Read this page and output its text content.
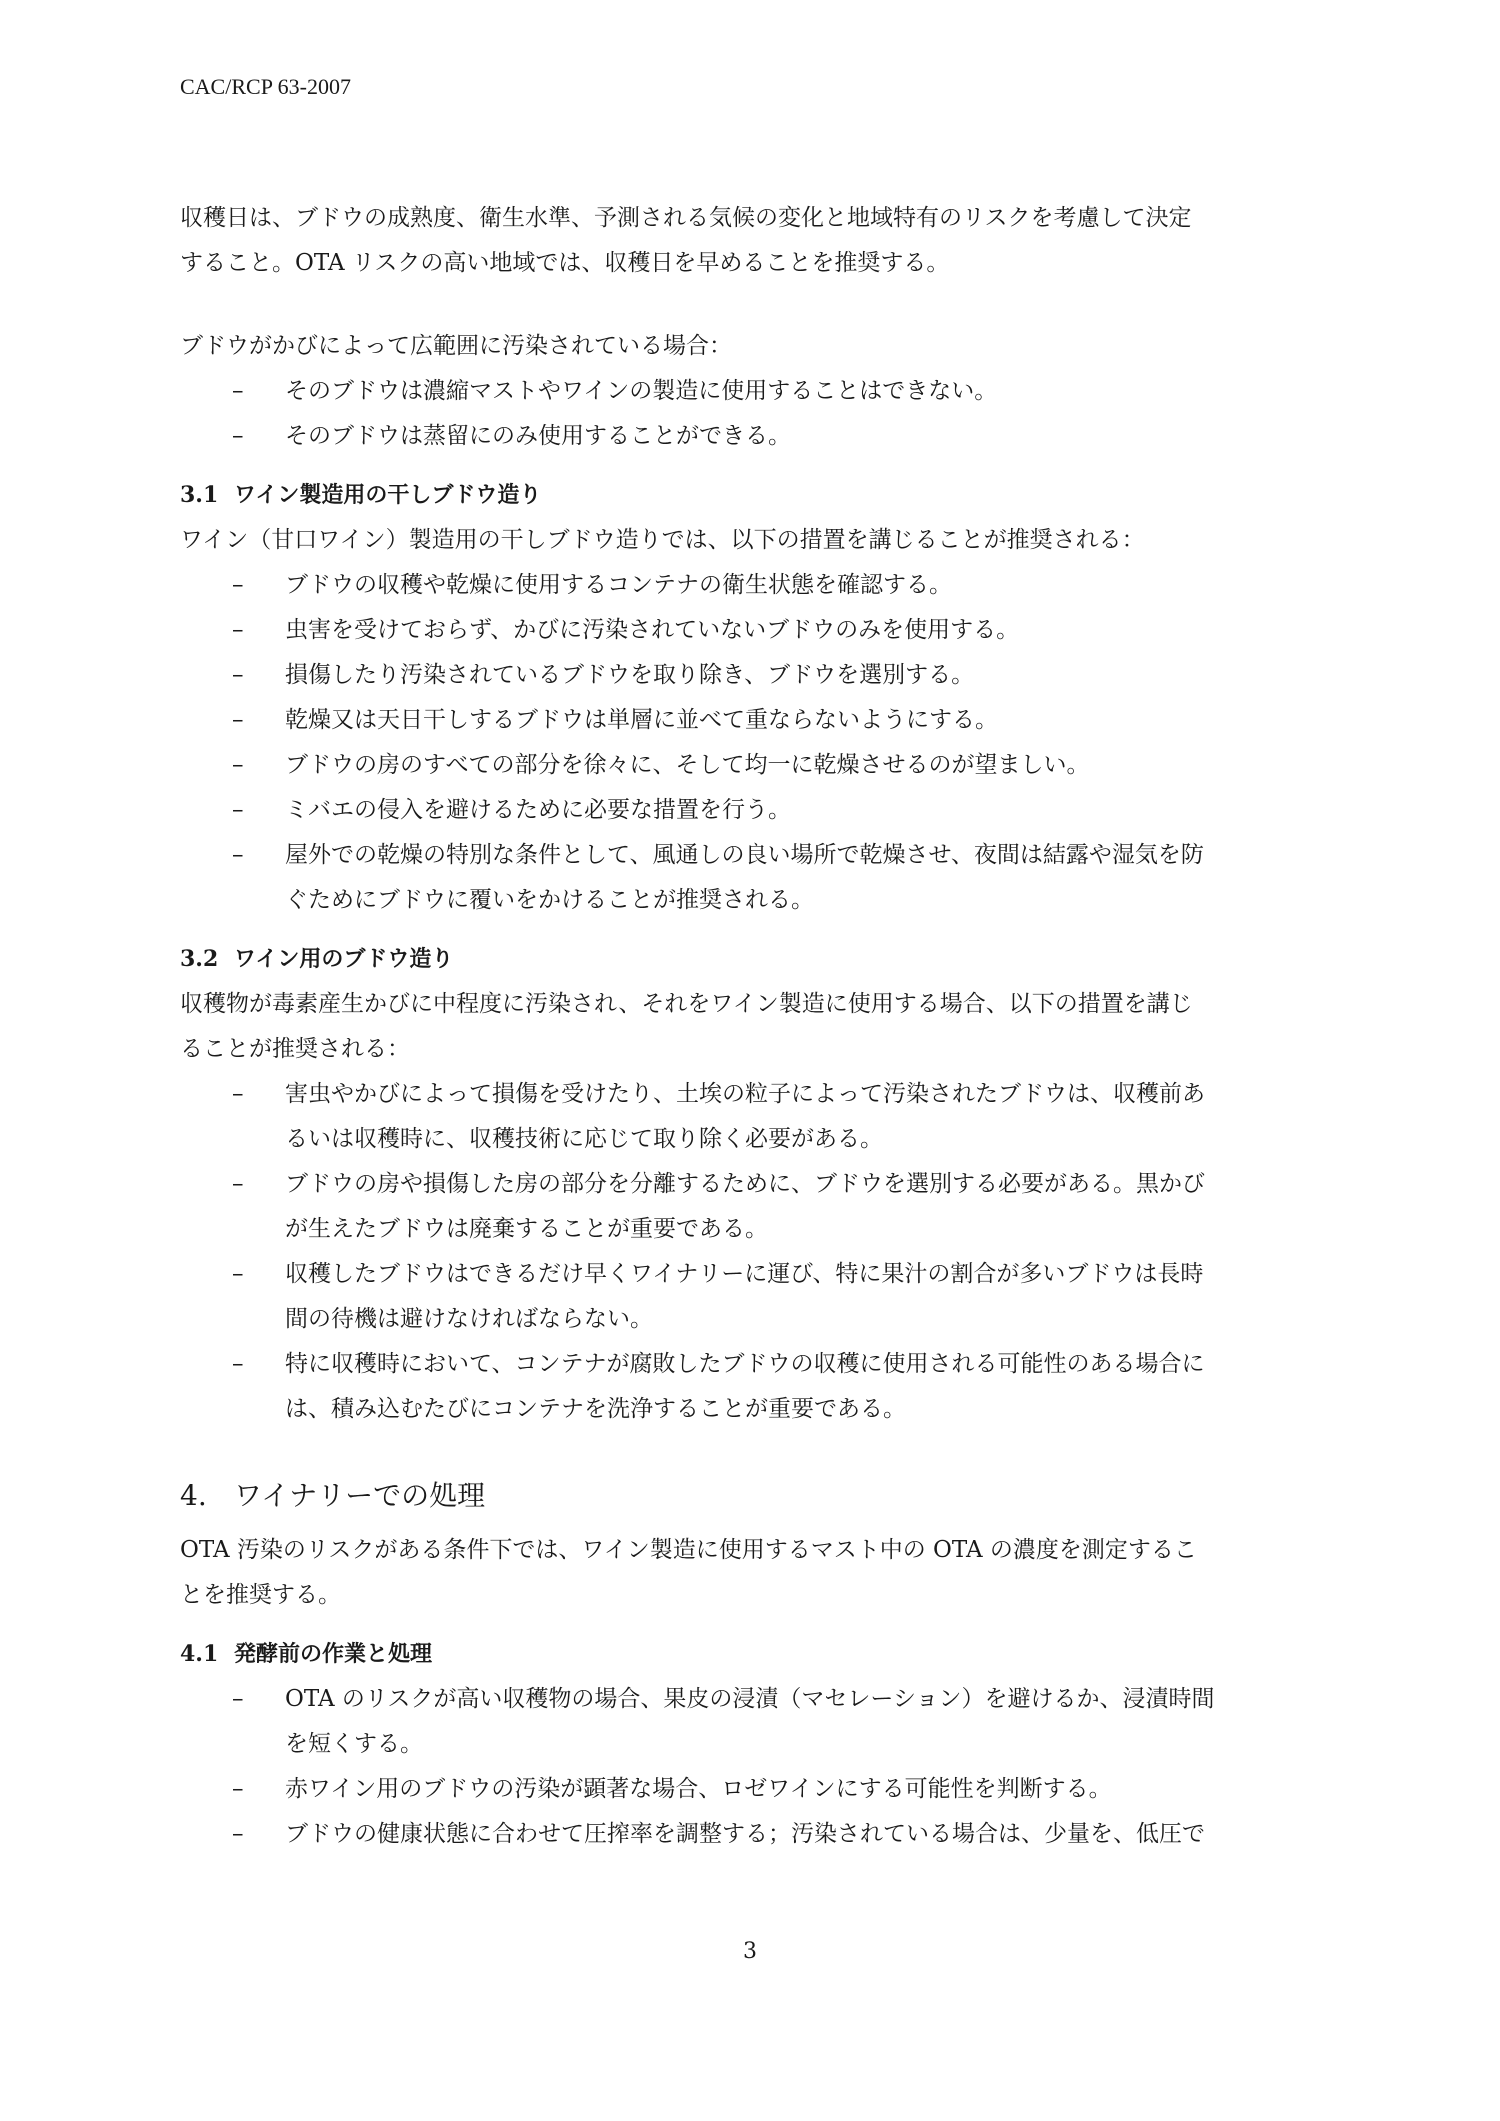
CAC/RCP 63-2007

収穫日は、ブドウの成熟度、衛生水準、予測される気候の変化と地域特有のリスクを考慮して決定
すること。OTA リスクの高い地域では、収穫日を早めることを推奨する。

ブドウがかびによって広範囲に汚染されている場合：

– そのブドウは濃縮マストやワインの製造に使用することはできない。
– そのブドウは蒸留にのみ使用することができる。
3.1 ワイン製造用の干しブドウ造り

ワイン（甘口ワイン）製造用の干しブドウ造りでは、以下の措置を講じることが推奨される：

– ブドウの収穫や乾燥に使用するコンテナの衛生状態を確認する。
– 虫害を受けておらず、かびに汚染されていないブドウのみを使用する。
– 損傷したり汚染されているブドウを取り除き、ブドウを選別する。
– 乾燥又は天日干しするブドウは単層に並べて重ならないようにする。
– ブドウの房のすべての部分を徐々に、そして均一に乾燥させるのが望ましい。
– ミバエの侵入を避けるために必要な措置を行う。
– 屋外での乾燥の特別な条件として、風通しの良い場所で乾燥させ、夜間は結露や湿気を防
ぐためにブドウに覆いをかけることが推奨される。
3.2 ワイン用のブドウ造り

収穫物が毒素産生かびに中程度に汚染され、それをワイン製造に使用する場合、以下の措置を講じ
ることが推奨される：

– 害虫やかびによって損傷を受けたり、土埃の粒子によって汚染されたブドウは、収穫前あ
るいは収穫時に、収穫技術に応じて取り除く必要がある。
– ブドウの房や損傷した房の部分を分離するために、ブドウを選別する必要がある。黒かび
が生えたブドウは廃棄することが重要である。
– 収穫したブドウはできるだけ早くワイナリーに運び、特に果汁の割合が多いブドウは長時
間の待機は避けなければならない。
– 特に収穫時において、コンテナが腐敗したブドウの収穫に使用される可能性のある場合に
は、積み込むたびにコンテナを洗浄することが重要である。
4. ワイナリーでの処理

OTA 汚染のリスクがある条件下では、ワイン製造に使用するマスト中の OTA の濃度を測定するこ
とを推奨する。

4.1 発酵前の作業と処理
– OTA のリスクが高い収穫物の場合、果皮の浸漬（マセレーション）を避けるか、浸漬時間
を短くする。
– 赤ワイン用のブドウの汚染が顕著な場合、ロゼワインにする可能性を判断する。
– ブドウの健康状態に合わせて圧搾率を調整する；汚染されている場合は、少量を、低圧で
3
